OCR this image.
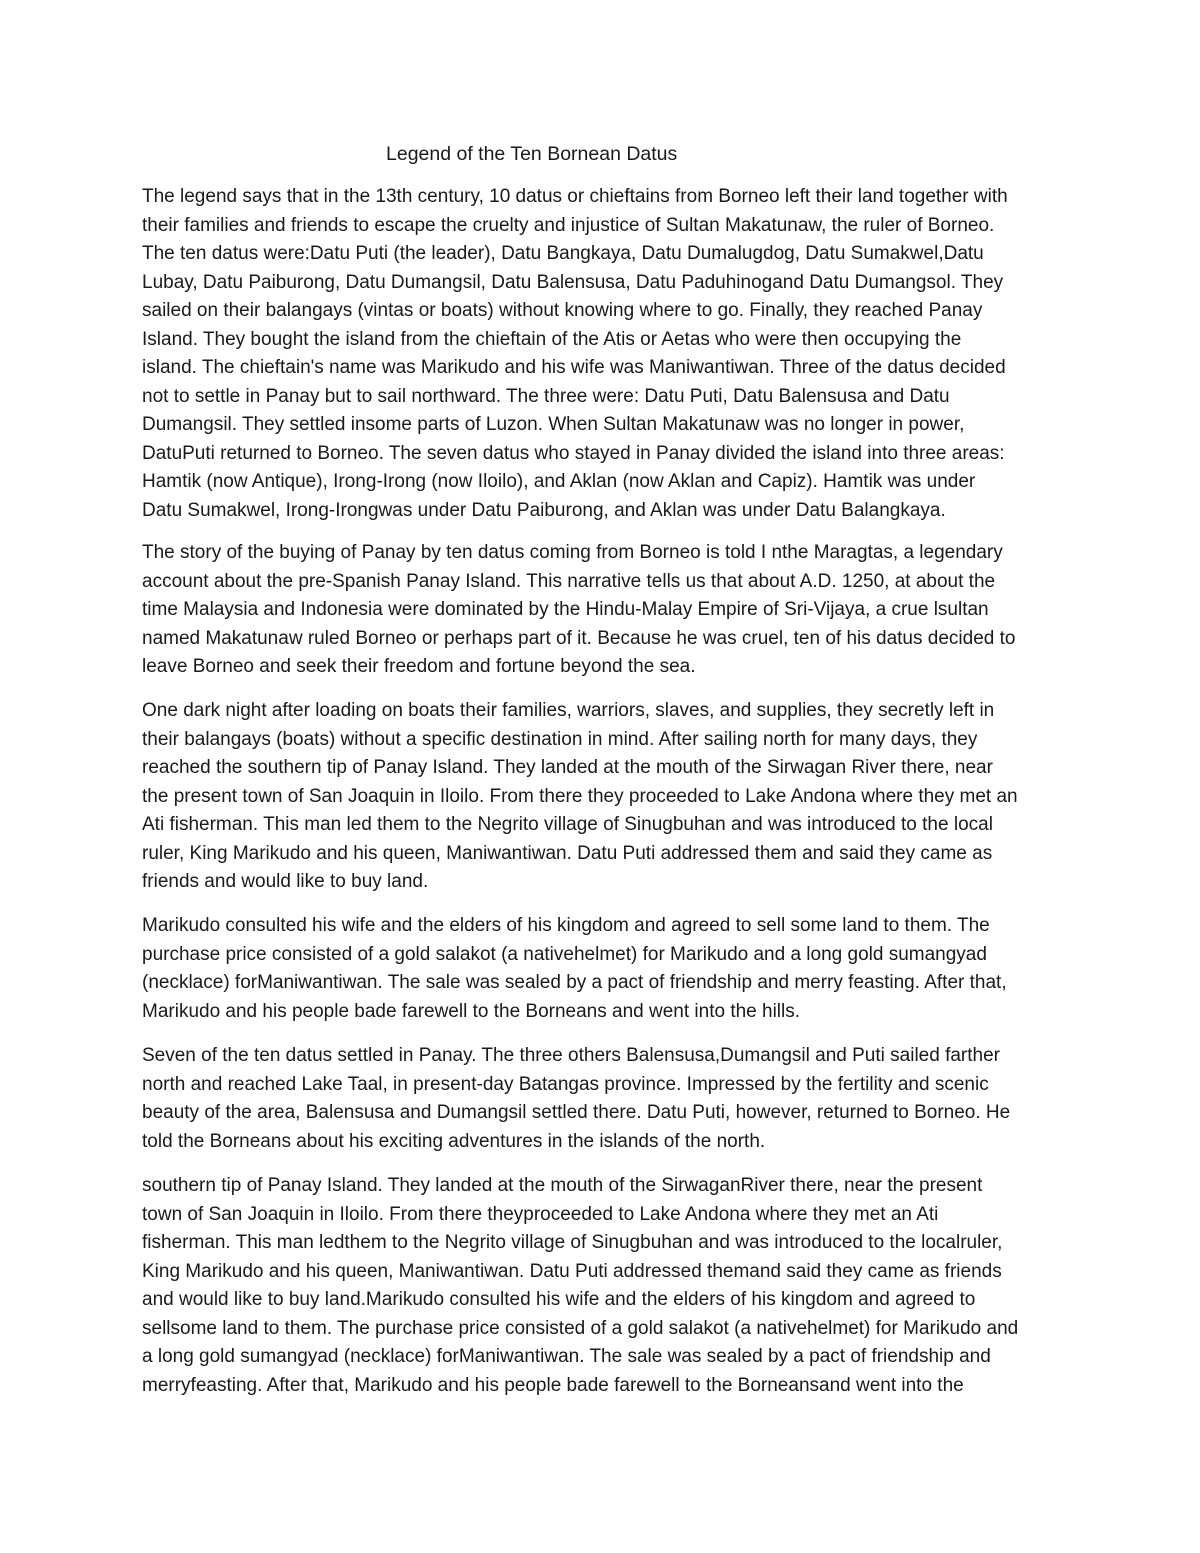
Legend of the Ten Bornean Datus

The legend says that in the 13th century, 10 datus or chieftains from Borneo left their land together with
their families and friends to escape the cruelty and injustice of Sultan Makatunaw, the ruler of Borneo.
The ten datus were:Datu Puti (the leader), Datu Bangkaya, Datu Dumalugdog, Datu Sumakwel,Datu
Lubay, Datu Paiburong, Datu Dumangsil, Datu Balensusa, Datu Paduhinogand Datu Dumangsol. They
sailed on their balangays (vintas or boats) without knowing where to go. Finally, they reached Panay
Island. They bought the island from the chieftain of the Atis or Aetas who were then occupying the
island. The chieftain's name was Marikudo and his wife was Maniwantiwan. Three of the datus decided
not to settle in Panay but to sail northward. The three were: Datu Puti, Datu Balensusa and Datu
Dumangsil. They settled insome parts of Luzon. When Sultan Makatunaw was no longer in power,
DatuPuti returned to Borneo. The seven datus who stayed in Panay divided the island into three areas:
Hamtik (now Antique), Irong-Irong (now Iloilo), and Aklan (now Aklan and Capiz). Hamtik was under
Datu Sumakwel, Irong-Irongwas under Datu Paiburong, and Aklan was under Datu Balangkaya.

The story of the buying of Panay by ten datus coming from Borneo is told I nthe Maragtas, a legendary
account about the pre-Spanish Panay Island. This narrative tells us that about A.D. 1250, at about the
time Malaysia and Indonesia were dominated by the Hindu-Malay Empire of Sri-Vijaya, a crue lsultan
named Makatunaw ruled Borneo or perhaps part of it. Because he was cruel, ten of his datus decided to
leave Borneo and seek their freedom and fortune beyond the sea.

One dark night after loading on boats their families, warriors, slaves, and supplies, they secretly left in
their balangays (boats) without a specific destination in mind. After sailing north for many days, they
reached the southern tip of Panay Island. They landed at the mouth of the Sirwagan River there, near
the present town of San Joaquin in Iloilo. From there they proceeded to Lake Andona where they met an
Ati fisherman. This man led them to the Negrito village of Sinugbuhan and was introduced to the local
ruler, King Marikudo and his queen, Maniwantiwan. Datu Puti addressed them and said they came as
friends and would like to buy land.

Marikudo consulted his wife and the elders of his kingdom and agreed to sell some land to them. The
purchase price consisted of a gold salakot (a nativehelmet) for Marikudo and a long gold sumangyad
(necklace) forManiwantiwan. The sale was sealed by a pact of friendship and merry feasting. After that,
Marikudo and his people bade farewell to the Borneans and went into the hills.

Seven of the ten datus settled in Panay. The three others Balensusa,Dumangsil and Puti sailed farther
north and reached Lake Taal, in present-day Batangas province. Impressed by the fertility and scenic
beauty of the area, Balensusa and Dumangsil settled there. Datu Puti, however, returned to Borneo. He
told the Borneans about his exciting adventures in the islands of the north.

southern tip of Panay Island. They landed at the mouth of the SirwaganRiver there, near the present
town of San Joaquin in Iloilo. From there theyproceeded to Lake Andona where they met an Ati
fisherman. This man ledthem to the Negrito village of Sinugbuhan and was introduced to the localruler,
King Marikudo and his queen, Maniwantiwan. Datu Puti addressed themand said they came as friends
and would like to buy land.Marikudo consulted his wife and the elders of his kingdom and agreed to
sellsome land to them. The purchase price consisted of a gold salakot (a nativehelmet) for Marikudo and
a long gold sumangyad (necklace) forManiwantiwan. The sale was sealed by a pact of friendship and
merryfeasting. After that, Marikudo and his people bade farewell to the Borneansand went into the
